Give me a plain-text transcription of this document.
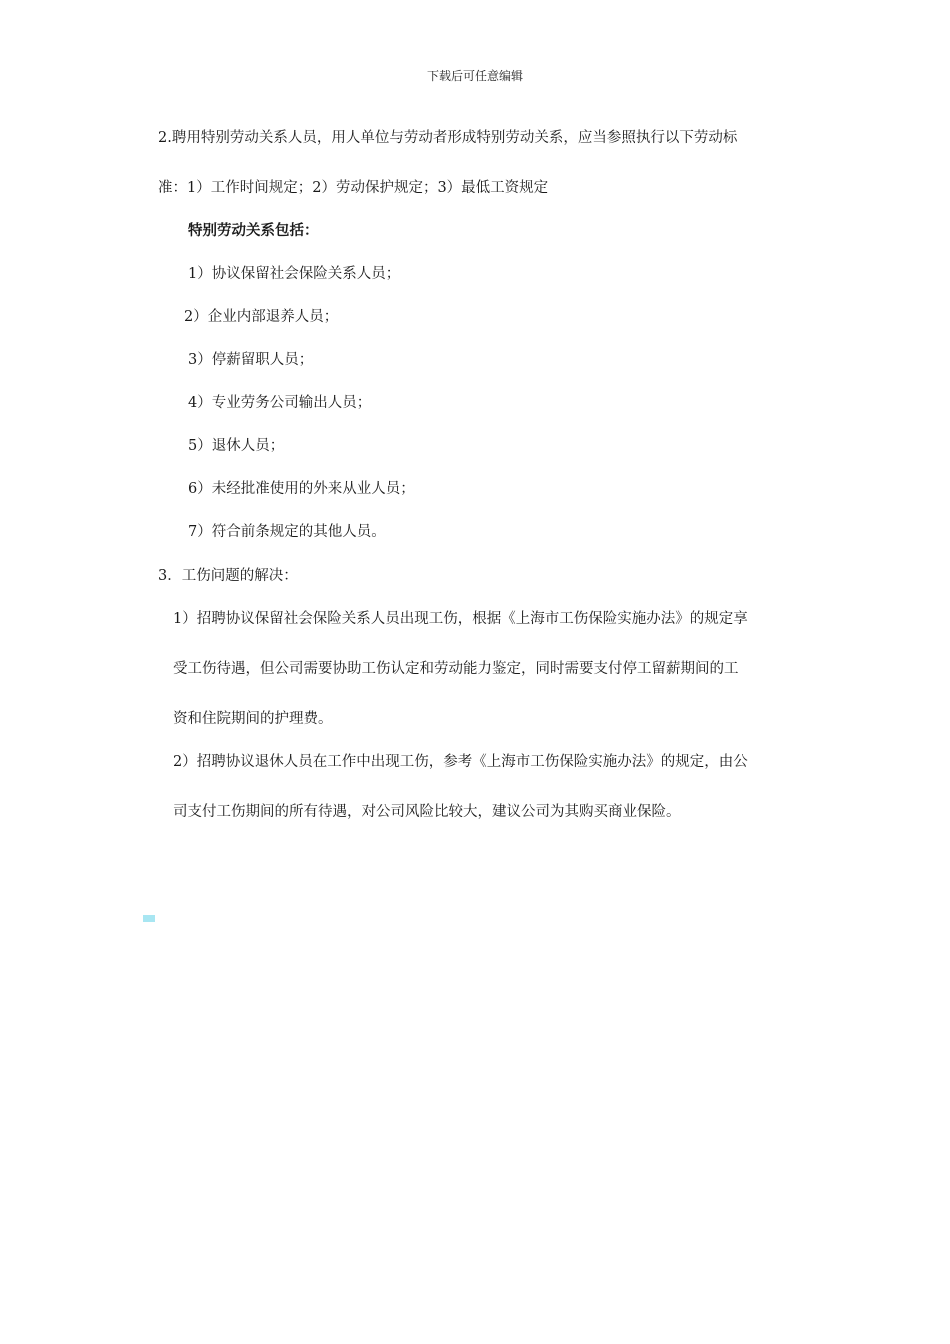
下载后可任意编辑
2.聘用特别劳动关系人员，用人单位与劳动者形成特别劳动关系，应当参照执行以下劳动标
准：1）工作时间规定；2）劳动保护规定；3）最低工资规定
特别劳动关系包括：
1）协议保留社会保险关系人员；
2）企业内部退养人员；
3）停薪留职人员；
4）专业劳务公司输出人员；
5）退休人员；
6）未经批准使用的外来从业人员；
7）符合前条规定的其他人员。
3．工伤问题的解决：
1）招聘协议保留社会保险关系人员出现工伤，根据《上海市工伤保险实施办法》的规定享
受工伤待遇，但公司需要协助工伤认定和劳动能力鉴定，同时需要支付停工留薪期间的工
资和住院期间的护理费。
2）招聘协议退休人员在工作中出现工伤，参考《上海市工伤保险实施办法》的规定，由公
司支付工伤期间的所有待遇，对公司风险比较大，建议公司为其购买商业保险。
